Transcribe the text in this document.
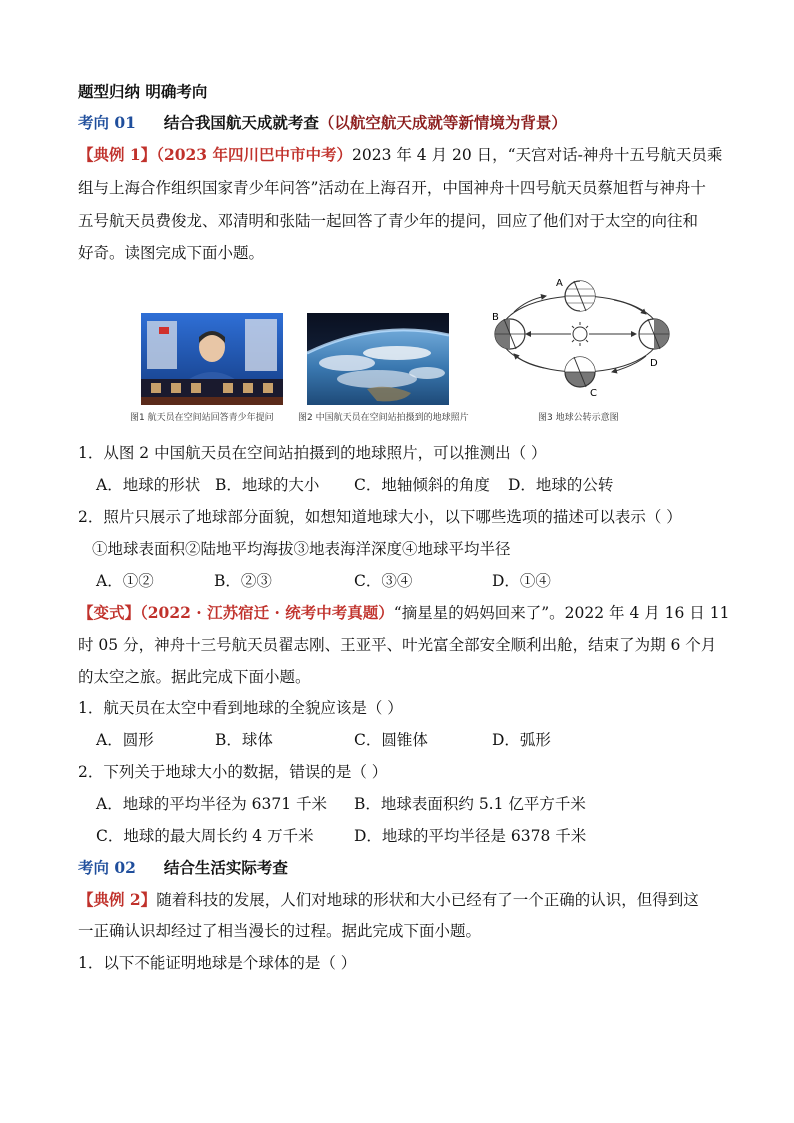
题型归纳 明确考向
考向 01 结合我国航天成就考查（以航空航天成就等新情境为背景）
【典例 1】（2023 年四川巴中市中考）2023 年 4 月 20 日，“天宫对话-神舟十五号航天员乘
组与上海合作组织国家青少年问答”活动在上海召开，中国神舟十四号航天员蔡旭哲与神舟十
五号航天员费俊龙、邓清明和张陆一起回答了青少年的提问，回应了他们对于太空的向往和
好奇。读图完成下面小题。
图1 航天员在空间站回答青少年提问	图2 中国航天员在空间站拍摄到的地球照片
A
B
C
D
图3 地球公转示意图
1．从图 2 中国航天员在空间站拍摄到的地球照片，可以推测出（ ）
A．地球的形状 B．地球的大小 C．地轴倾斜的角度 D．地球的公转
2．照片只展示了地球部分面貌，如想知道地球大小，以下哪些选项的描述可以表示（ ）
①地球表面积②陆地平均海拔③地表海洋深度④地球平均半径
A．①②	B．②③	C．③④	D．①④
【变式】（2022 · 江苏宿迁 · 统考中考真题）“摘星星的妈妈回来了”。2022 年 4 月 16 日 11
时 05 分，神舟十三号航天员翟志刚、王亚平、叶光富全部安全顺利出舱，结束了为期 6 个月
的太空之旅。据此完成下面小题。
1．航天员在太空中看到地球的全貌应该是（ ）
A．圆形	B．球体	C．圆锥体	D．弧形
2．下列关于地球大小的数据，错误的是（ ）
A．地球的平均半径为 6371 千米 B．地球表面积约 5.1 亿平方千米
C．地球的最大周长约 4 万千米	D．地球的平均半径是 6378 千米
考向 02 结合生活实际考查
【典例 2】随着科技的发展，人们对地球的形状和大小已经有了一个正确的认识，但得到这
一正确认识却经过了相当漫长的过程。据此完成下面小题。
1．以下不能证明地球是个球体的是（ ）
